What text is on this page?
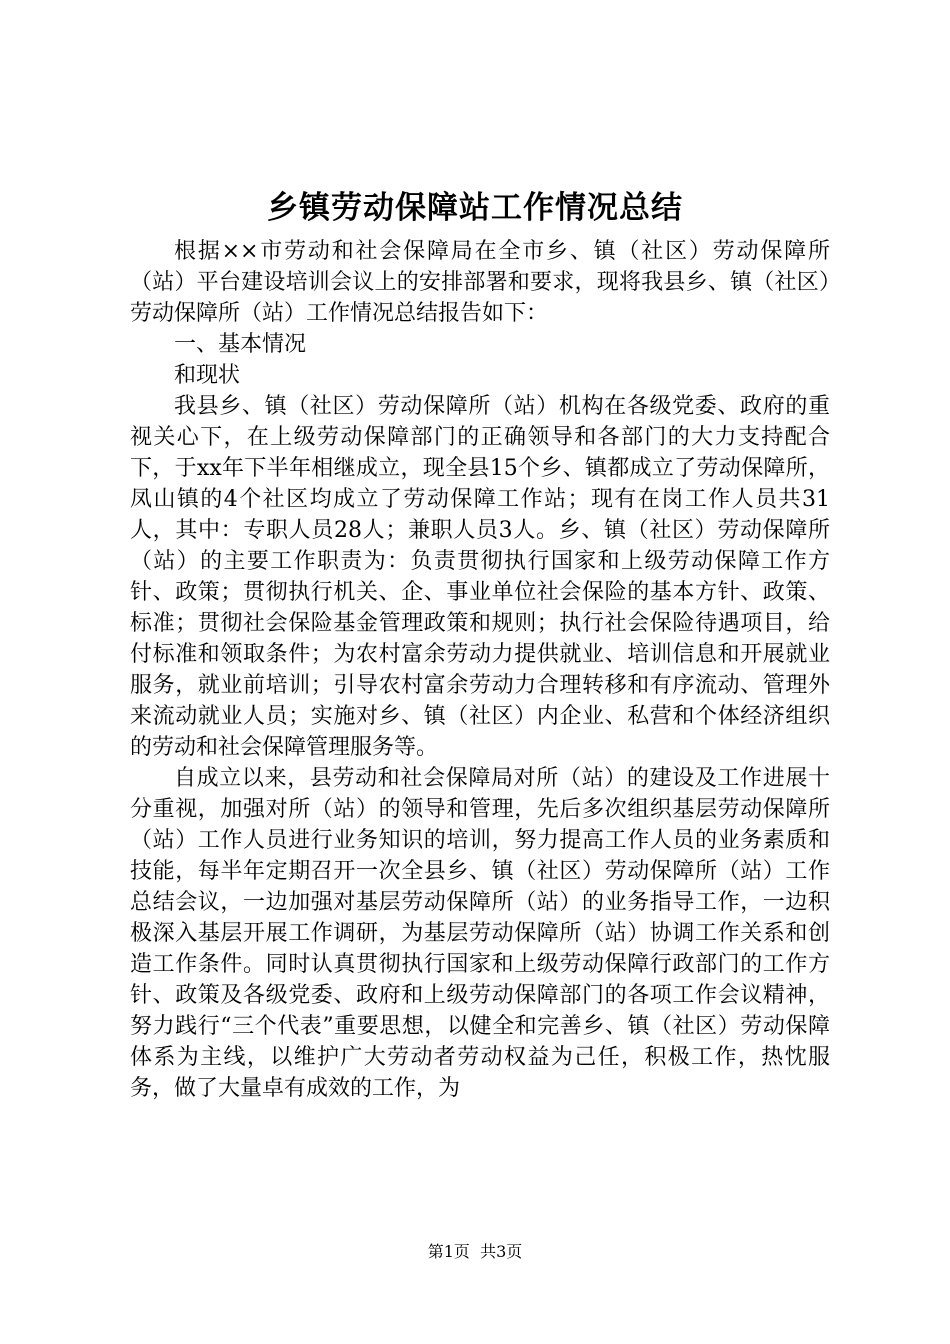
乡镇劳动保障站工作情况总结

根据××市劳动和社会保障局在全市乡、镇（社区）劳动保障所（站）平台建设培训会议上的安排部署和要求，现将我县乡、镇（社区）劳动保障所（站）工作情况总结报告如下：

一、基本情况

和现状

我县乡、镇（社区）劳动保障所（站）机构在各级党委、政府的重视关心下，在上级劳动保障部门的正确领导和各部门的大力支持配合下，于xx年下半年相继成立，现全县15个乡、镇都成立了劳动保障所，凤山镇的4个社区均成立了劳动保障工作站；现有在岗工作人员共31人，其中：专职人员28人；兼职人员3人。乡、镇（社区）劳动保障所（站）的主要工作职责为：负责贯彻执行国家和上级劳动保障工作方针、政策；贯彻执行机关、企、事业单位社会保险的基本方针、政策、标准；贯彻社会保险基金管理政策和规则；执行社会保险待遇项目，给付标准和领取条件；为农村富余劳动力提供就业、培训信息和开展就业服务，就业前培训；引导农村富余劳动力合理转移和有序流动、管理外来流动就业人员；实施对乡、镇（社区）内企业、私营和个体经济组织的劳动和社会保障管理服务等。

自成立以来，县劳动和社会保障局对所（站）的建设及工作进展十分重视，加强对所（站）的领导和管理，先后多次组织基层劳动保障所（站）工作人员进行业务知识的培训，努力提高工作人员的业务素质和技能，每半年定期召开一次全县乡、镇（社区）劳动保障所（站）工作总结会议，一边加强对基层劳动保障所（站）的业务指导工作，一边积极深入基层开展工作调研，为基层劳动保障所（站）协调工作关系和创造工作条件。同时认真贯彻执行国家和上级劳动保障行政部门的工作方针、政策及各级党委、政府和上级劳动保障部门的各项工作会议精神，努力践行“三个代表”重要思想，以健全和完善乡、镇（社区）劳动保障体系为主线，以维护广大劳动者劳动权益为己任，积极工作，热忱服务，做了大量卓有成效的工作，为

第1页 共3页
